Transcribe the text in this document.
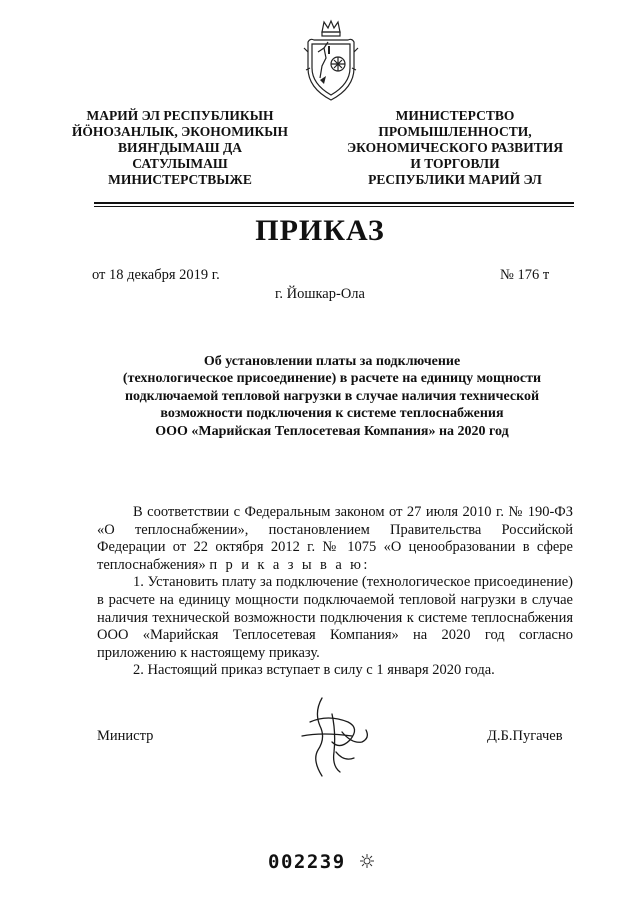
МАРИЙ ЭЛ РЕСПУБЛИКЫН
ЙӦНОЗАНЛЫК, ЭКОНОМИКЫН
ВИЯҤДЫМАШ ДА
САТУЛЫМАШ
МИНИСТЕРСТВЫЖЕ
МИНИСТЕРСТВО
ПРОМЫШЛЕННОСТИ,
ЭКОНОМИЧЕСКОГО РАЗВИТИЯ
И ТОРГОВЛИ
РЕСПУБЛИКИ МАРИЙ ЭЛ
ПРИКАЗ
от 18 декабря 2019 г.	№ 176 т
г. Йошкар-Ола
Об установлении платы за подключение
(технологическое присоединение) в расчете на единицу мощности
подключаемой тепловой нагрузки в случае наличия технической
возможности подключения к системе теплоснабжения
ООО «Марийская Теплосетевая Компания» на 2020 год

В соответствии с Федеральным законом от 27 июля 2010 г. № 190-ФЗ «О теплоснабжении», постановлением Правительства Российской Федерации от 22 октября 2012 г. № 1075 «О ценообразовании в сфере теплоснабжения» п р и к а з ы в а ю:

1. Установить плату за подключение (технологическое присоединение) в расчете на единицу мощности подключаемой тепловой нагрузки в случае наличия технической возможности подключения к системе теплоснабжения ООО «Марийская Теплосетевая Компания» на 2020 год согласно приложению к настоящему приказу.

2. Настоящий приказ вступает в силу с 1 января 2020 года.

Министр	Д.Б.Пугачев
002239
